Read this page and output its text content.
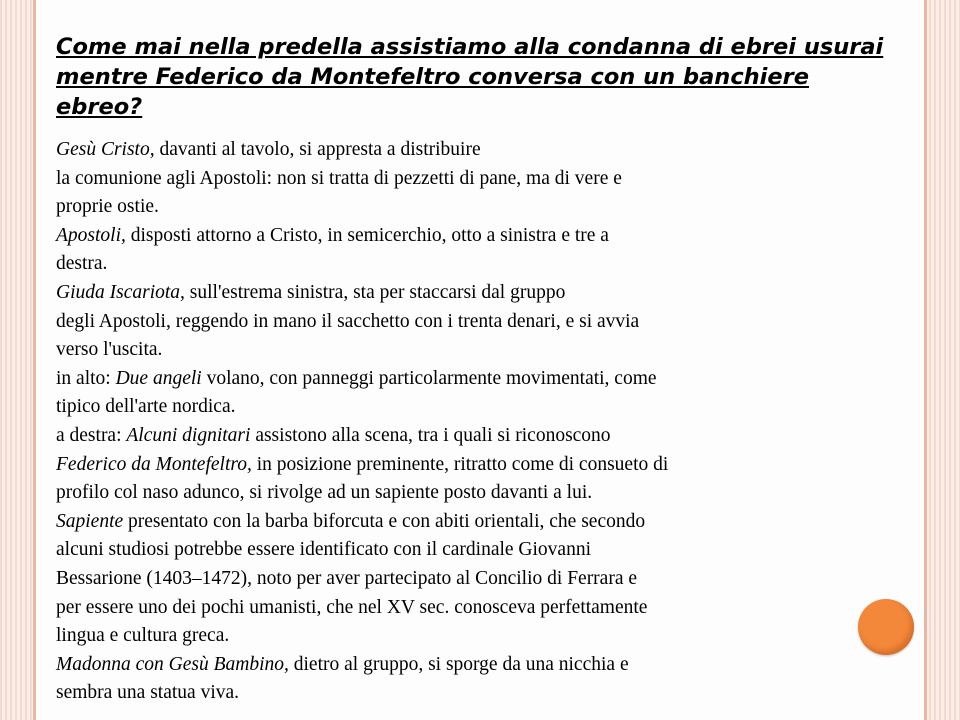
Come mai nella predella assistiamo alla condanna di ebrei usurai mentre Federico da Montefeltro conversa con un banchiere ebreo?
Gesù Cristo, davanti al tavolo, si appresta a distribuire
la comunione agli Apostoli: non si tratta di pezzetti di pane, ma di vere e
proprie ostie.
Apostoli, disposti attorno a Cristo, in semicerchio, otto a sinistra e tre a
destra.
Giuda Iscariota, sull'estrema sinistra, sta per staccarsi dal gruppo
degli Apostoli, reggendo in mano il sacchetto con i trenta denari, e si avvia
verso l'uscita.
in alto: Due angeli volano, con panneggi particolarmente movimentati, come
tipico dell'arte nordica.
a destra: Alcuni dignitari assistono alla scena, tra i quali si riconoscono
Federico da Montefeltro, in posizione preminente, ritratto come di consueto di
profilo col naso adunco, si rivolge ad un sapiente posto davanti a lui.
Sapiente presentato con la barba biforcuta e con abiti orientali, che secondo
alcuni studiosi potrebbe essere identificato con il cardinale Giovanni
Bessarione (1403–1472), noto per aver partecipato al Concilio di Ferrara e
per essere uno dei pochi umanisti, che nel XV sec. conosceva perfettamente
lingua e cultura greca.
Madonna con Gesù Bambino, dietro al gruppo, si sporge da una nicchia e
sembra una statua viva.
